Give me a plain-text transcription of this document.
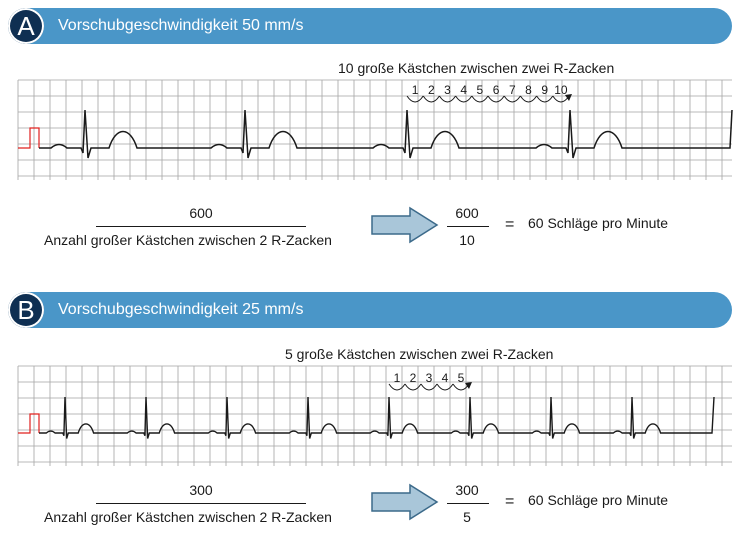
A	Vorschubgeschwindigkeit 50 mm/s
10 große Kästchen zwischen zwei R-Zacken
1 2 3 4 5 6 7 8 9 10
600
Anzahl großer Kästchen zwischen 2 R-Zacken
600
10
= 60 Schläge pro Minute
B	Vorschubgeschwindigkeit 25 mm/s
5 große Kästchen zwischen zwei R-Zacken
1 2 3 4 5
300
Anzahl großer Kästchen zwischen 2 R-Zacken
300
5
= 60 Schläge pro Minute
